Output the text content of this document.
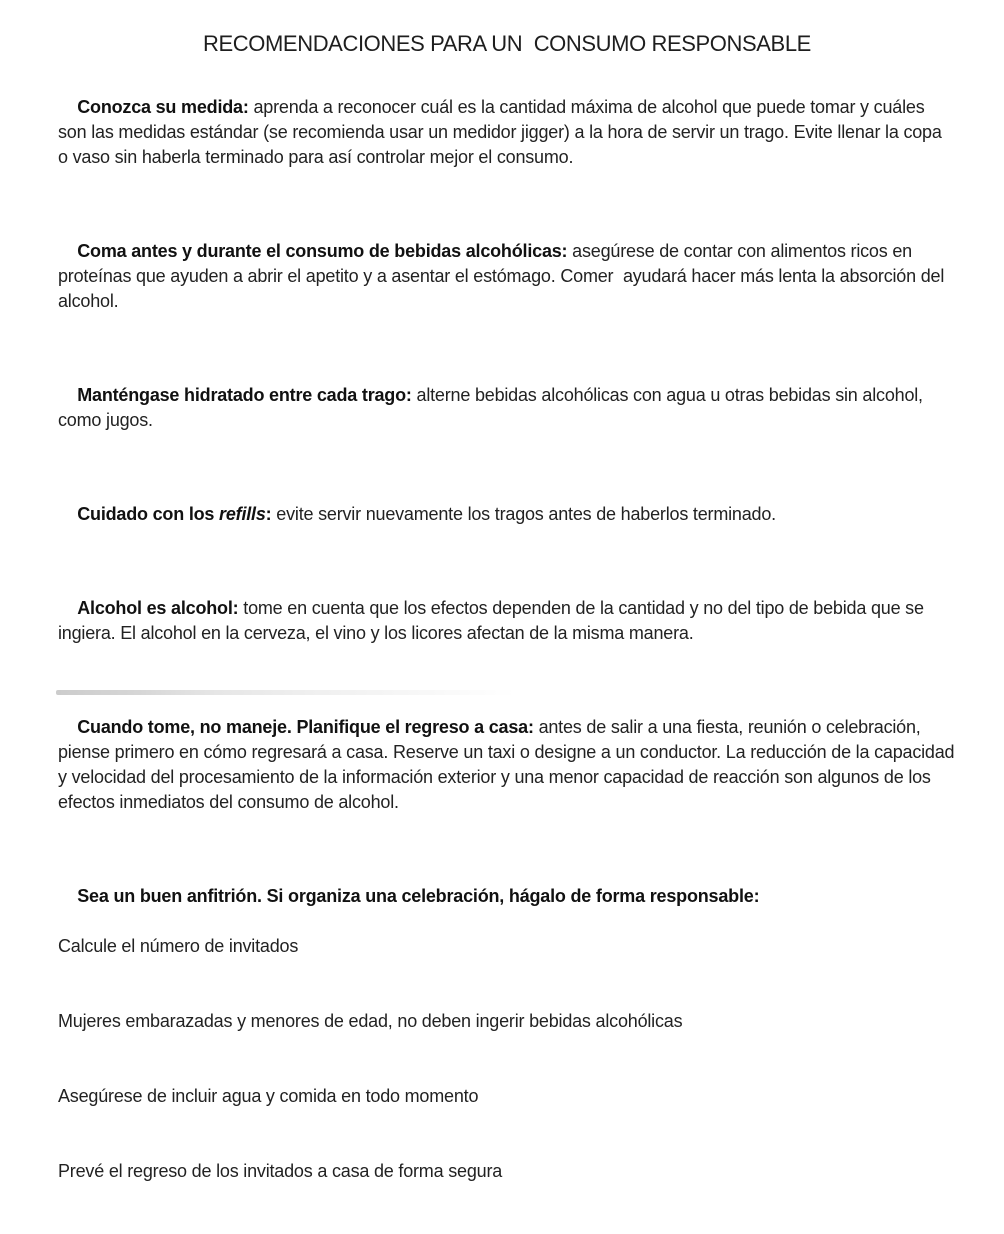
RECOMENDACIONES PARA UN  CONSUMO RESPONSABLE

Conozca su medida: aprenda a reconocer cuál es la cantidad máxima de alcohol que puede tomar y cuáles son las medidas estándar (se recomienda usar un medidor jigger) a la hora de servir un trago. Evite llenar la copa o vaso sin haberla terminado para así controlar mejor el consumo.

Coma antes y durante el consumo de bebidas alcohólicas: asegúrese de contar con alimentos ricos en proteínas que ayuden a abrir el apetito y a asentar el estómago. Comer  ayudará hacer más lenta la absorción del alcohol.

Manténgase hidratado entre cada trago: alterne bebidas alcohólicas con agua u otras bebidas sin alcohol, como jugos.

Cuidado con los refills: evite servir nuevamente los tragos antes de haberlos terminado.

Alcohol es alcohol: tome en cuenta que los efectos dependen de la cantidad y no del tipo de bebida que se ingiera. El alcohol en la cerveza, el vino y los licores afectan de la misma manera.

Cuando tome, no maneje. Planifique el regreso a casa: antes de salir a una fiesta, reunión o celebración, piense primero en cómo regresará a casa. Reserve un taxi o designe a un conductor. La reducción de la capacidad y velocidad del procesamiento de la información exterior y una menor capacidad de reacción son algunos de los efectos inmediatos del consumo de alcohol.

Sea un buen anfitrión. Si organiza una celebración, hágalo de forma responsable:

Calcule el número de invitados

Mujeres embarazadas y menores de edad, no deben ingerir bebidas alcohólicas

Asegúrese de incluir agua y comida en todo momento

Prevé el regreso de los invitados a casa de forma segura
